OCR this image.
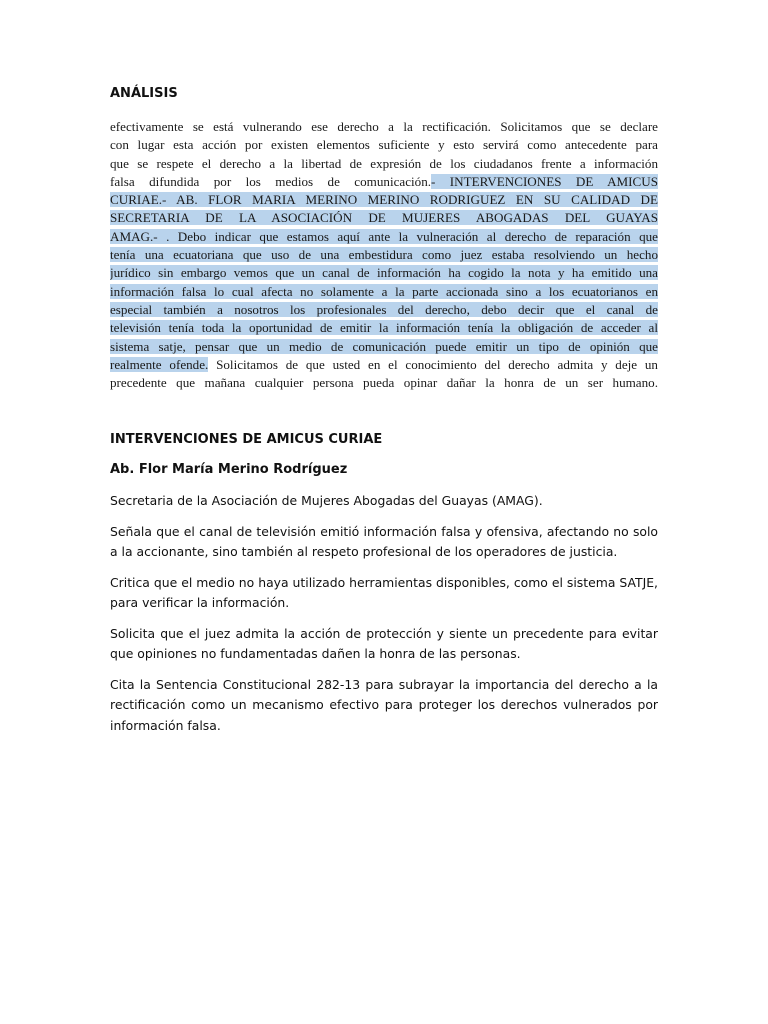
ANÁLISIS
efectivamente se está vulnerando ese derecho a la rectificación. Solicitamos que se declare
con lugar esta acción por existen elementos suficiente y esto servirá como antecedente para
que se respete el derecho a la libertad de expresión de los ciudadanos frente a información
falsa difundida por los medios de comunicación.- INTERVENCIONES DE AMICUS
CURIAE.- AB. FLOR MARIA MERINO MERINO RODRIGUEZ EN SU CALIDAD DE
SECRETARIA DE LA ASOCIACIÓN DE MUJERES ABOGADAS DEL GUAYAS
AMAG.- . Debo indicar que estamos aquí ante la vulneración al derecho de reparación que
tenía una ecuatoriana que uso de una embestidura como juez estaba resolviendo un hecho
jurídico sin embargo vemos que un canal de información ha cogido la nota y ha emitido una
información falsa lo cual afecta no solamente a la parte accionada sino a los ecuatorianos en
especial también a nosotros los profesionales del derecho, debo decir que el canal de
televisión tenía toda la oportunidad de emitir la información tenía la obligación de acceder al
sistema satje, pensar que un medio de comunicación puede emitir un tipo de opinión que
realmente ofende. Solicitamos de que usted en el conocimiento del derecho admita y deje un
precedente que mañana cualquier persona pueda opinar dañar la honra de un ser humano.
INTERVENCIONES DE AMICUS CURIAE
Ab. Flor María Merino Rodríguez

Secretaria de la Asociación de Mujeres Abogadas del Guayas (AMAG).

Señala que el canal de televisión emitió información falsa y ofensiva, afectando no solo a la accionante, sino también al respeto profesional de los operadores de justicia.

Critica que el medio no haya utilizado herramientas disponibles, como el sistema SATJE, para verificar la información.

Solicita que el juez admita la acción de protección y siente un precedente para evitar que opiniones no fundamentadas dañen la honra de las personas.

Cita la Sentencia Constitucional 282-13 para subrayar la importancia del derecho a la rectificación como un mecanismo efectivo para proteger los derechos vulnerados por información falsa.
